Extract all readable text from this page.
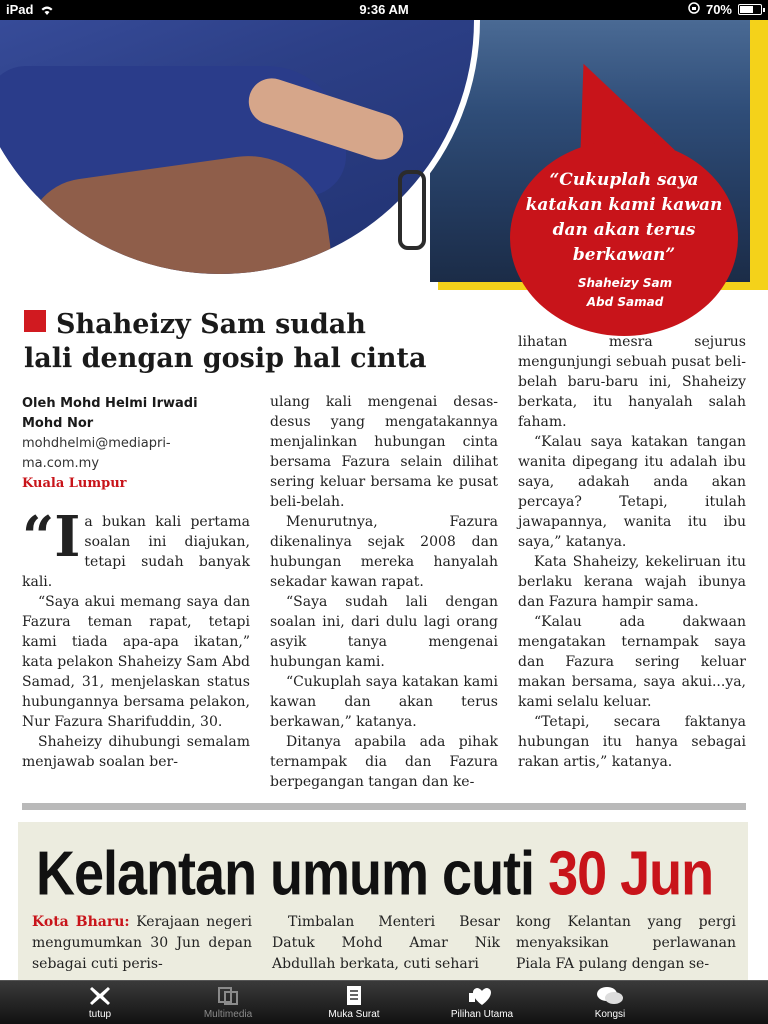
iPad	9:36 AM	70%
“Cukuplah saya katakan kami kawan dan akan terus berkawan”
Shaheizy Sam
Abd Samad
Shaheizy Sam sudah
lali dengan gosip hal cinta
Oleh Mohd Helmi Irwadi
Mohd Nor
mohdhelmi@mediapri-
ma.com.my
Kuala Lumpur

“Ia bukan kali pertama soalan ini diajukan, tetapi sudah banyak kali.

“Saya akui memang saya dan Fazura teman rapat, tetapi kami tiada apa-apa ikatan,” kata pelakon Shaheizy Sam Abd Samad, 31, menjelaskan status hubungannya bersama pelakon, Nur Fazura Sharifuddin, 30.

Shaheizy dihubungi semalam menjawab soalan ber-

ulang kali mengenai desas-desus yang mengatakannya menjalinkan hubungan cinta bersama Fazura selain dilihat sering keluar bersama ke pusat beli-belah.

Menurutnya, Fazura dikenalinya sejak 2008 dan hubungan mereka hanyalah sekadar kawan rapat.

“Saya sudah lali dengan soalan ini, dari dulu lagi orang asyik tanya mengenai hubungan kami.

“Cukuplah saya katakan kami kawan dan akan terus berkawan,” katanya.

Ditanya apabila ada pihak ternampak dia dan Fazura berpegangan tangan dan ke-

lihatan mesra sejurus mengunjungi sebuah pusat beli-belah baru-baru ini, Shaheizy berkata, itu hanyalah salah faham.

“Kalau saya katakan tangan wanita dipegang itu adalah ibu saya, adakah anda akan percaya? Tetapi, itulah jawapannya, wanita itu ibu saya,” katanya.

Kata Shaheizy, kekeliruan itu berlaku kerana wajah ibunya dan Fazura hampir sama.

“Kalau ada dakwaan mengatakan ternampak saya dan Fazura sering keluar makan bersama, saya akui...ya, kami selalu keluar.

“Tetapi, secara faktanya hubungan itu hanya sebagai rakan artis,” katanya.

Kelantan umum cuti 30 Jun
Kota Bharu: Kerajaan negeri mengumumkan 30 Jun depan sebagai cuti peris-
Timbalan Menteri Besar Datuk Mohd Amar Nik Abdullah berkata, cuti sehari
kong Kelantan yang pergi menyaksikan perlawanan Piala FA pulang dengan se-
tutup	Multimedia	Muka Surat	Pilihan Utama	Kongsi
